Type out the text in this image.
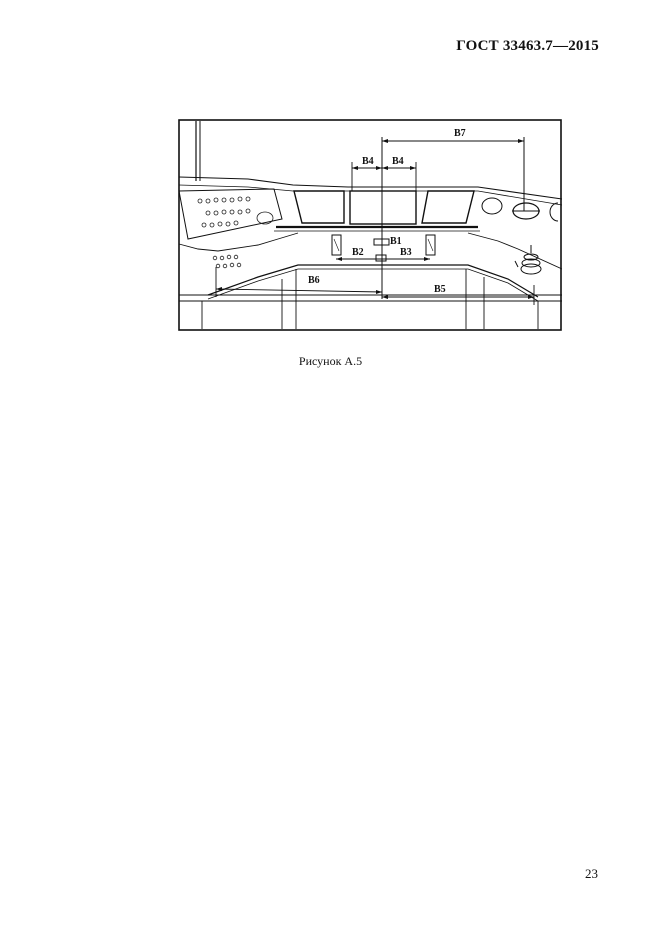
ГОСТ 33463.7—2015
B7
B4 B4
B1
B2	B3
B6
B5
Рисунок А.5
23
